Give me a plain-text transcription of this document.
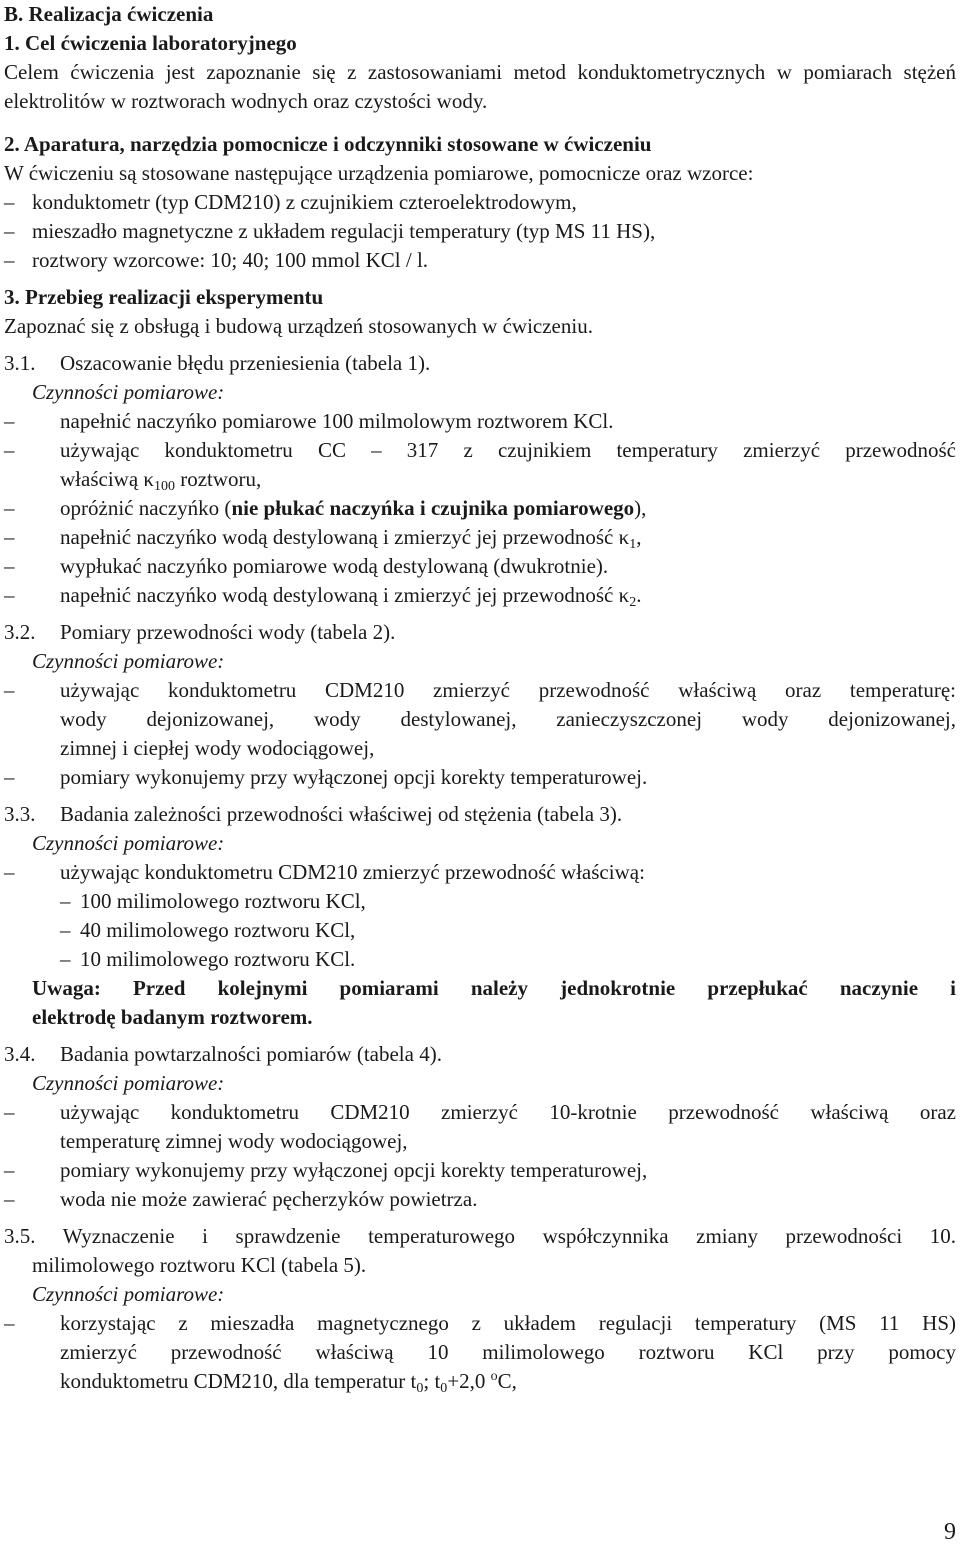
B. Realizacja ćwiczenia

1. Cel ćwiczenia laboratoryjnego

Celem ćwiczenia jest zapoznanie się z zastosowaniami metod konduktometrycznych w pomiarach stężeń elektrolitów w roztworach wodnych oraz czystości wody.

2. Aparatura, narzędzia pomocnicze i odczynniki stosowane w ćwiczeniu

W ćwiczeniu są stosowane następujące urządzenia pomiarowe, pomocnicze oraz wzorce:

– konduktometr (typ CDM210) z czujnikiem czteroelektrodowym,
– mieszadło magnetyczne z układem regulacji temperatury (typ MS 11 HS),
– roztwory wzorcowe: 10; 40; 100 mmol KCl / l.

3. Przebieg realizacji eksperymentu

Zapoznać się z obsługą i budową urządzeń stosowanych w ćwiczeniu.

3.1. Oszacowanie błędu przeniesienia (tabela 1).

Czynności pomiarowe:

–	napełnić naczyńko pomiarowe 100 milmolowym roztworem KCl.
–	używając konduktometru CC – 317 z czujnikiem temperatury zmierzyć przewodność

właściwą $\kappa_{100}$ roztworu,

–	opróżnić naczyńko (nie płukać naczyńka i czujnika pomiarowego),
–	napełnić naczyńko wodą destylowaną i zmierzyć jej przewodność $\kappa_1$,
–	wypłukać naczyńko pomiarowe wodą destylowaną (dwukrotnie).
–	napełnić naczyńko wodą destylowaną i zmierzyć jej przewodność $\kappa_2$.

3.2. Pomiary przewodności wody (tabela 2).

Czynności pomiarowe:

–	używając konduktometru CDM210 zmierzyć przewodność właściwą oraz temperaturę:

wody dejonizowanej, wody destylowanej, zanieczyszczonej wody dejonizowanej,

zimnej i ciepłej wody wodociągowej,

–	pomiary wykonujemy przy wyłączonej opcji korekty temperaturowej.

3.3. Badania zależności przewodności właściwej od stężenia (tabela 3).

Czynności pomiarowe:

–	używając konduktometru CDM210 zmierzyć przewodność właściwą:
– 100 milimolowego roztworu KCl,
– 40 milimolowego roztworu KCl,
– 10 milimolowego roztworu KCl.

Uwaga: Przed kolejnymi pomiarami należy jednokrotnie przepłukać naczynie i

elektrodę badanym roztworem.

3.4. Badania powtarzalności pomiarów (tabela 4).

Czynności pomiarowe:

–	używając konduktometru CDM210 zmierzyć 10-krotnie przewodność właściwą oraz

temperaturę zimnej wody wodociągowej,

–	pomiary wykonujemy przy wyłączonej opcji korekty temperaturowej,
–	woda nie może zawierać pęcherzyków powietrza.

3.5. Wyznaczenie i sprawdzenie temperaturowego współczynnika zmiany przewodności 10.

milimolowego roztworu KCl (tabela 5).

Czynności pomiarowe:

–	korzystając z mieszadła magnetycznego z układem regulacji temperatury (MS 11 HS)

zmierzyć przewodność właściwą 10 milimolowego roztworu KCl przy pomocy

konduktometru CDM210, dla temperatur $t_0$; $t_0+2,0$ $^o$C,

9
